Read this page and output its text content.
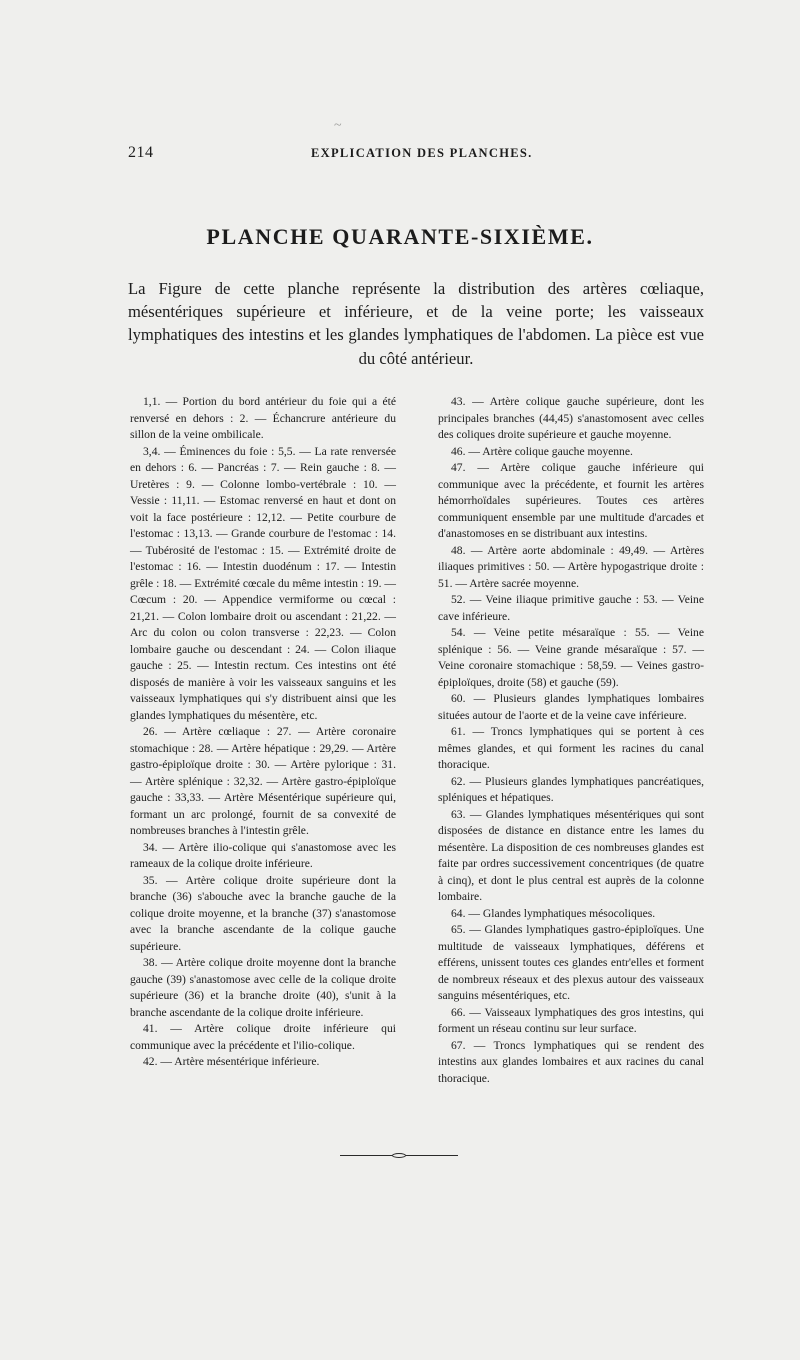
~
214	EXPLICATION DES PLANCHES.
PLANCHE QUARANTE-SIXIÈME.
La Figure de cette planche représente la distribution des artères cœliaque, mésentériques supérieure et inférieure, et de la veine porte; les vaisseaux lymphatiques des intestins et les glandes lymphatiques de l'abdomen. La pièce est vue du côté antérieur.

1,1. — Portion du bord antérieur du foie qui a été renversé en dehors : 2. — Échancrure antérieure du sillon de la veine ombilicale.

3,4. — Éminences du foie : 5,5. — La rate renversée en dehors : 6. — Pancréas : 7. — Rein gauche : 8. — Uretères : 9. — Colonne lombo-vertébrale : 10. — Vessie : 11,11. — Estomac renversé en haut et dont on voit la face postérieure : 12,12. — Petite courbure de l'estomac : 13,13. — Grande courbure de l'estomac : 14. — Tubérosité de l'estomac : 15. — Extrémité droite de l'estomac : 16. — Intestin duodénum : 17. — Intestin grêle : 18. — Extrémité cœcale du même intestin : 19. — Cœcum : 20. — Appendice vermiforme ou cœcal : 21,21. — Colon lombaire droit ou ascendant : 21,22. — Arc du colon ou colon transverse : 22,23. — Colon lombaire gauche ou descendant : 24. — Colon iliaque gauche : 25. — Intestin rectum. Ces intestins ont été disposés de manière à voir les vaisseaux sanguins et les vaisseaux lymphatiques qui s'y distribuent ainsi que les glandes lymphatiques du mésentère, etc.

26. — Artère cœliaque : 27. — Artère coronaire stomachique : 28. — Artère hépatique : 29,29. — Artère gastro-épiploïque droite : 30. — Artère pylorique : 31. — Artère splénique : 32,32. — Artère gastro-épiploïque gauche : 33,33. — Artère Mésentérique supérieure qui, formant un arc prolongé, fournit de sa convexité de nombreuses branches à l'intestin grêle.

34. — Artère ilio-colique qui s'anastomose avec les rameaux de la colique droite inférieure.

35. — Artère colique droite supérieure dont la branche (36) s'abouche avec la branche gauche de la colique droite moyenne, et la branche (37) s'anastomose avec la branche ascendante de la colique gauche supérieure.

38. — Artère colique droite moyenne dont la branche gauche (39) s'anastomose avec celle de la colique droite supérieure (36) et la branche droite (40), s'unit à la branche ascendante de la colique droite inférieure.

41. — Artère colique droite inférieure qui communique avec la précédente et l'ilio-colique.

42. — Artère mésentérique inférieure.

43. — Artère colique gauche supérieure, dont les principales branches (44,45) s'anastomosent avec celles des coliques droite supérieure et gauche moyenne.

46. — Artère colique gauche moyenne.

47. — Artère colique gauche inférieure qui communique avec la précédente, et fournit les artères hémorrhoïdales supérieures. Toutes ces artères communiquent ensemble par une multitude d'arcades et d'anastomoses en se distribuant aux intestins.

48. — Artère aorte abdominale : 49,49. — Artères iliaques primitives : 50. — Artère hypogastrique droite : 51. — Artère sacrée moyenne.

52. — Veine iliaque primitive gauche : 53. — Veine cave inférieure.

54. — Veine petite mésaraïque : 55. — Veine splénique : 56. — Veine grande mésaraïque : 57. — Veine coronaire stomachique : 58,59. — Veines gastro-épiploïques, droite (58) et gauche (59).

60. — Plusieurs glandes lymphatiques lombaires situées autour de l'aorte et de la veine cave inférieure.

61. — Troncs lymphatiques qui se portent à ces mêmes glandes, et qui forment les racines du canal thoracique.

62. — Plusieurs glandes lymphatiques pancréatiques, spléniques et hépatiques.

63. — Glandes lymphatiques mésentériques qui sont disposées de distance en distance entre les lames du mésentère. La disposition de ces nombreuses glandes est faite par ordres successivement concentriques (de quatre à cinq), et dont le plus central est auprès de la colonne lombaire.

64. — Glandes lymphatiques mésocoliques.

65. — Glandes lymphatiques gastro-épiploïques. Une multitude de vaisseaux lymphatiques, déférens et efférens, unissent toutes ces glandes entr'elles et forment de nombreux réseaux et des plexus autour des vaisseaux sanguins mésentériques, etc.

66. — Vaisseaux lymphatiques des gros intestins, qui forment un réseau continu sur leur surface.

67. — Troncs lymphatiques qui se rendent des intestins aux glandes lombaires et aux racines du canal thoracique.
